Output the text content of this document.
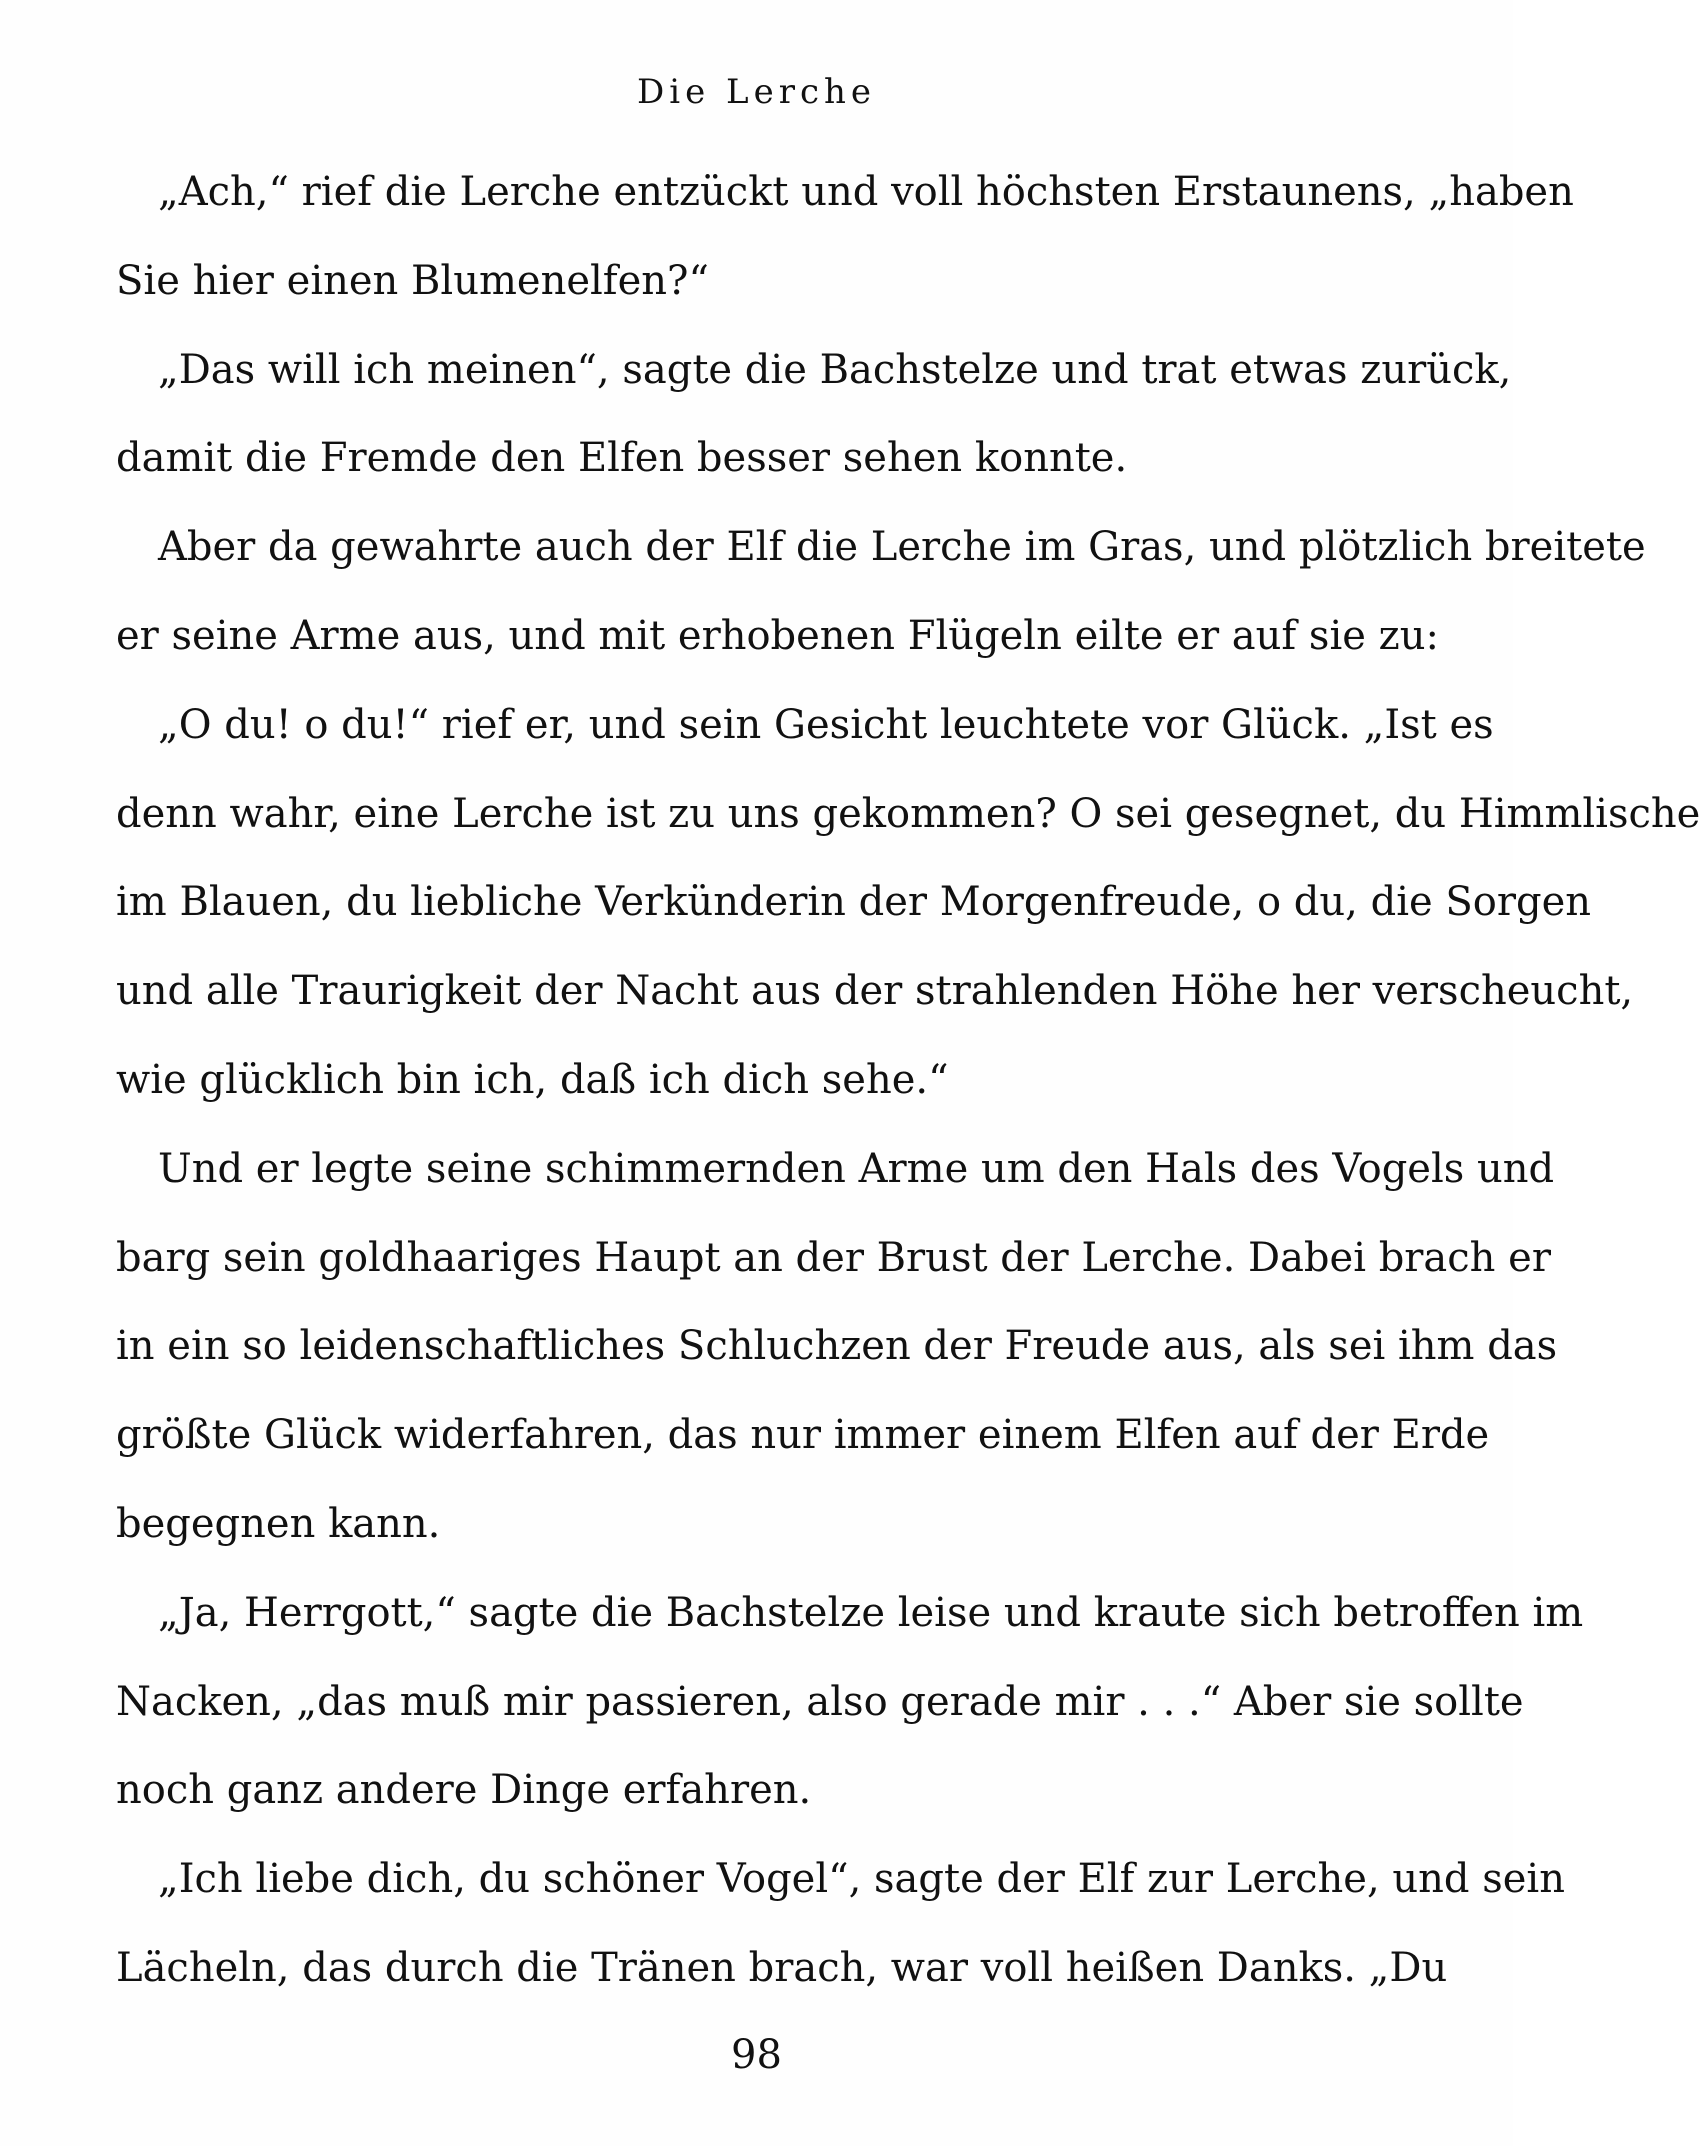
Die Lerche
„Ach,“ rief die Lerche entzückt und voll höchsten Erstaunens, „haben
Sie hier einen Blumenelfen?“
„Das will ich meinen“, sagte die Bachstelze und trat etwas zurück,
damit die Fremde den Elfen besser sehen konnte.
Aber da gewahrte auch der Elf die Lerche im Gras, und plötzlich breitete
er seine Arme aus, und mit erhobenen Flügeln eilte er auf sie zu:
„O du! o du!“ rief er, und sein Gesicht leuchtete vor Glück. „Ist es
denn wahr, eine Lerche ist zu uns gekommen? O sei gesegnet, du Himmlische
im Blauen, du liebliche Verkünderin der Morgenfreude, o du, die Sorgen
und alle Traurigkeit der Nacht aus der strahlenden Höhe her verscheucht,
wie glücklich bin ich, daß ich dich sehe.“
Und er legte seine schimmernden Arme um den Hals des Vogels und
barg sein goldhaariges Haupt an der Brust der Lerche. Dabei brach er
in ein so leidenschaftliches Schluchzen der Freude aus, als sei ihm das
größte Glück widerfahren, das nur immer einem Elfen auf der Erde
begegnen kann.
„Ja, Herrgott,“ sagte die Bachstelze leise und kraute sich betroffen im
Nacken, „das muß mir passieren, also gerade mir . . .“ Aber sie sollte
noch ganz andere Dinge erfahren.
„Ich liebe dich, du schöner Vogel“, sagte der Elf zur Lerche, und sein
Lächeln, das durch die Tränen brach, war voll heißen Danks. „Du
98
